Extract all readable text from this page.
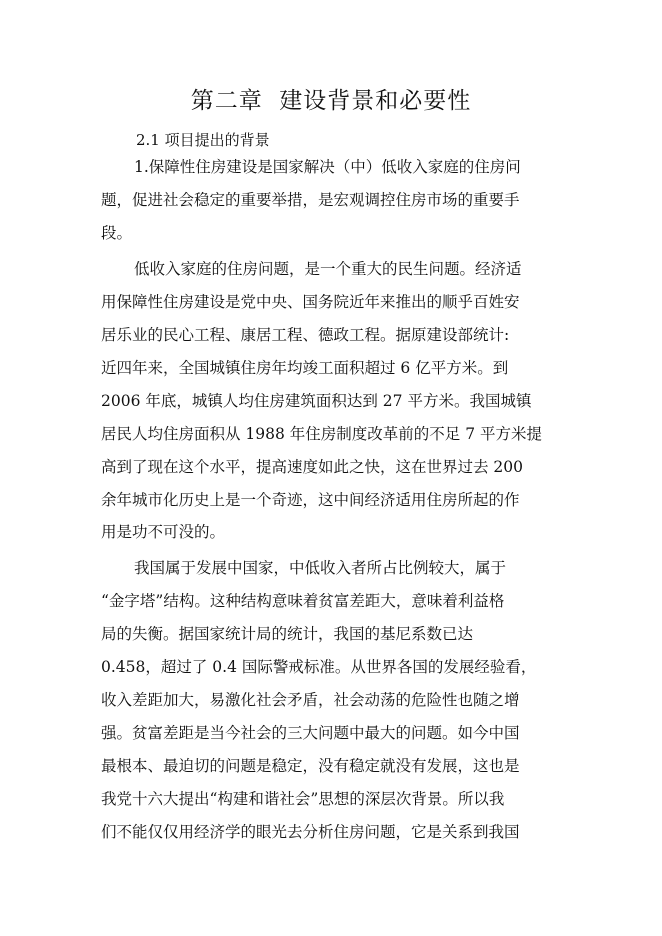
第二章  建设背景和必要性
2.1 项目提出的背景
1.保障性住房建设是国家解决（中）低收入家庭的住房问
题，促进社会稳定的重要举措，是宏观调控住房市场的重要手
段。
低收入家庭的住房问题，是一个重大的民生问题。经济适
用保障性住房建设是党中央、国务院近年来推出的顺乎百姓安
居乐业的民心工程、康居工程、德政工程。据原建设部统计:
近四年来，全国城镇住房年均竣工面积超过 6 亿平方米。到
2006 年底，城镇人均住房建筑面积达到 27 平方米。我国城镇
居民人均住房面积从 1988 年住房制度改革前的不足 7 平方米提
高到了现在这个水平，提高速度如此之快，这在世界过去 200
余年城市化历史上是一个奇迹，这中间经济适用住房所起的作
用是功不可没的。
我国属于发展中国家，中低收入者所占比例较大，属于
“金字塔”结构。这种结构意味着贫富差距大，意味着利益格
局的失衡。据国家统计局的统计，我国的基尼系数已达
0.458，超过了 0.4 国际警戒标准。从世界各国的发展经验看，
收入差距加大，易激化社会矛盾，社会动荡的危险性也随之增
强。贫富差距是当今社会的三大问题中最大的问题。如今中国
最根本、最迫切的问题是稳定，没有稳定就没有发展，这也是
我党十六大提出“构建和谐社会”思想的深层次背景。所以我
们不能仅仅用经济学的眼光去分析住房问题，它是关系到我国
